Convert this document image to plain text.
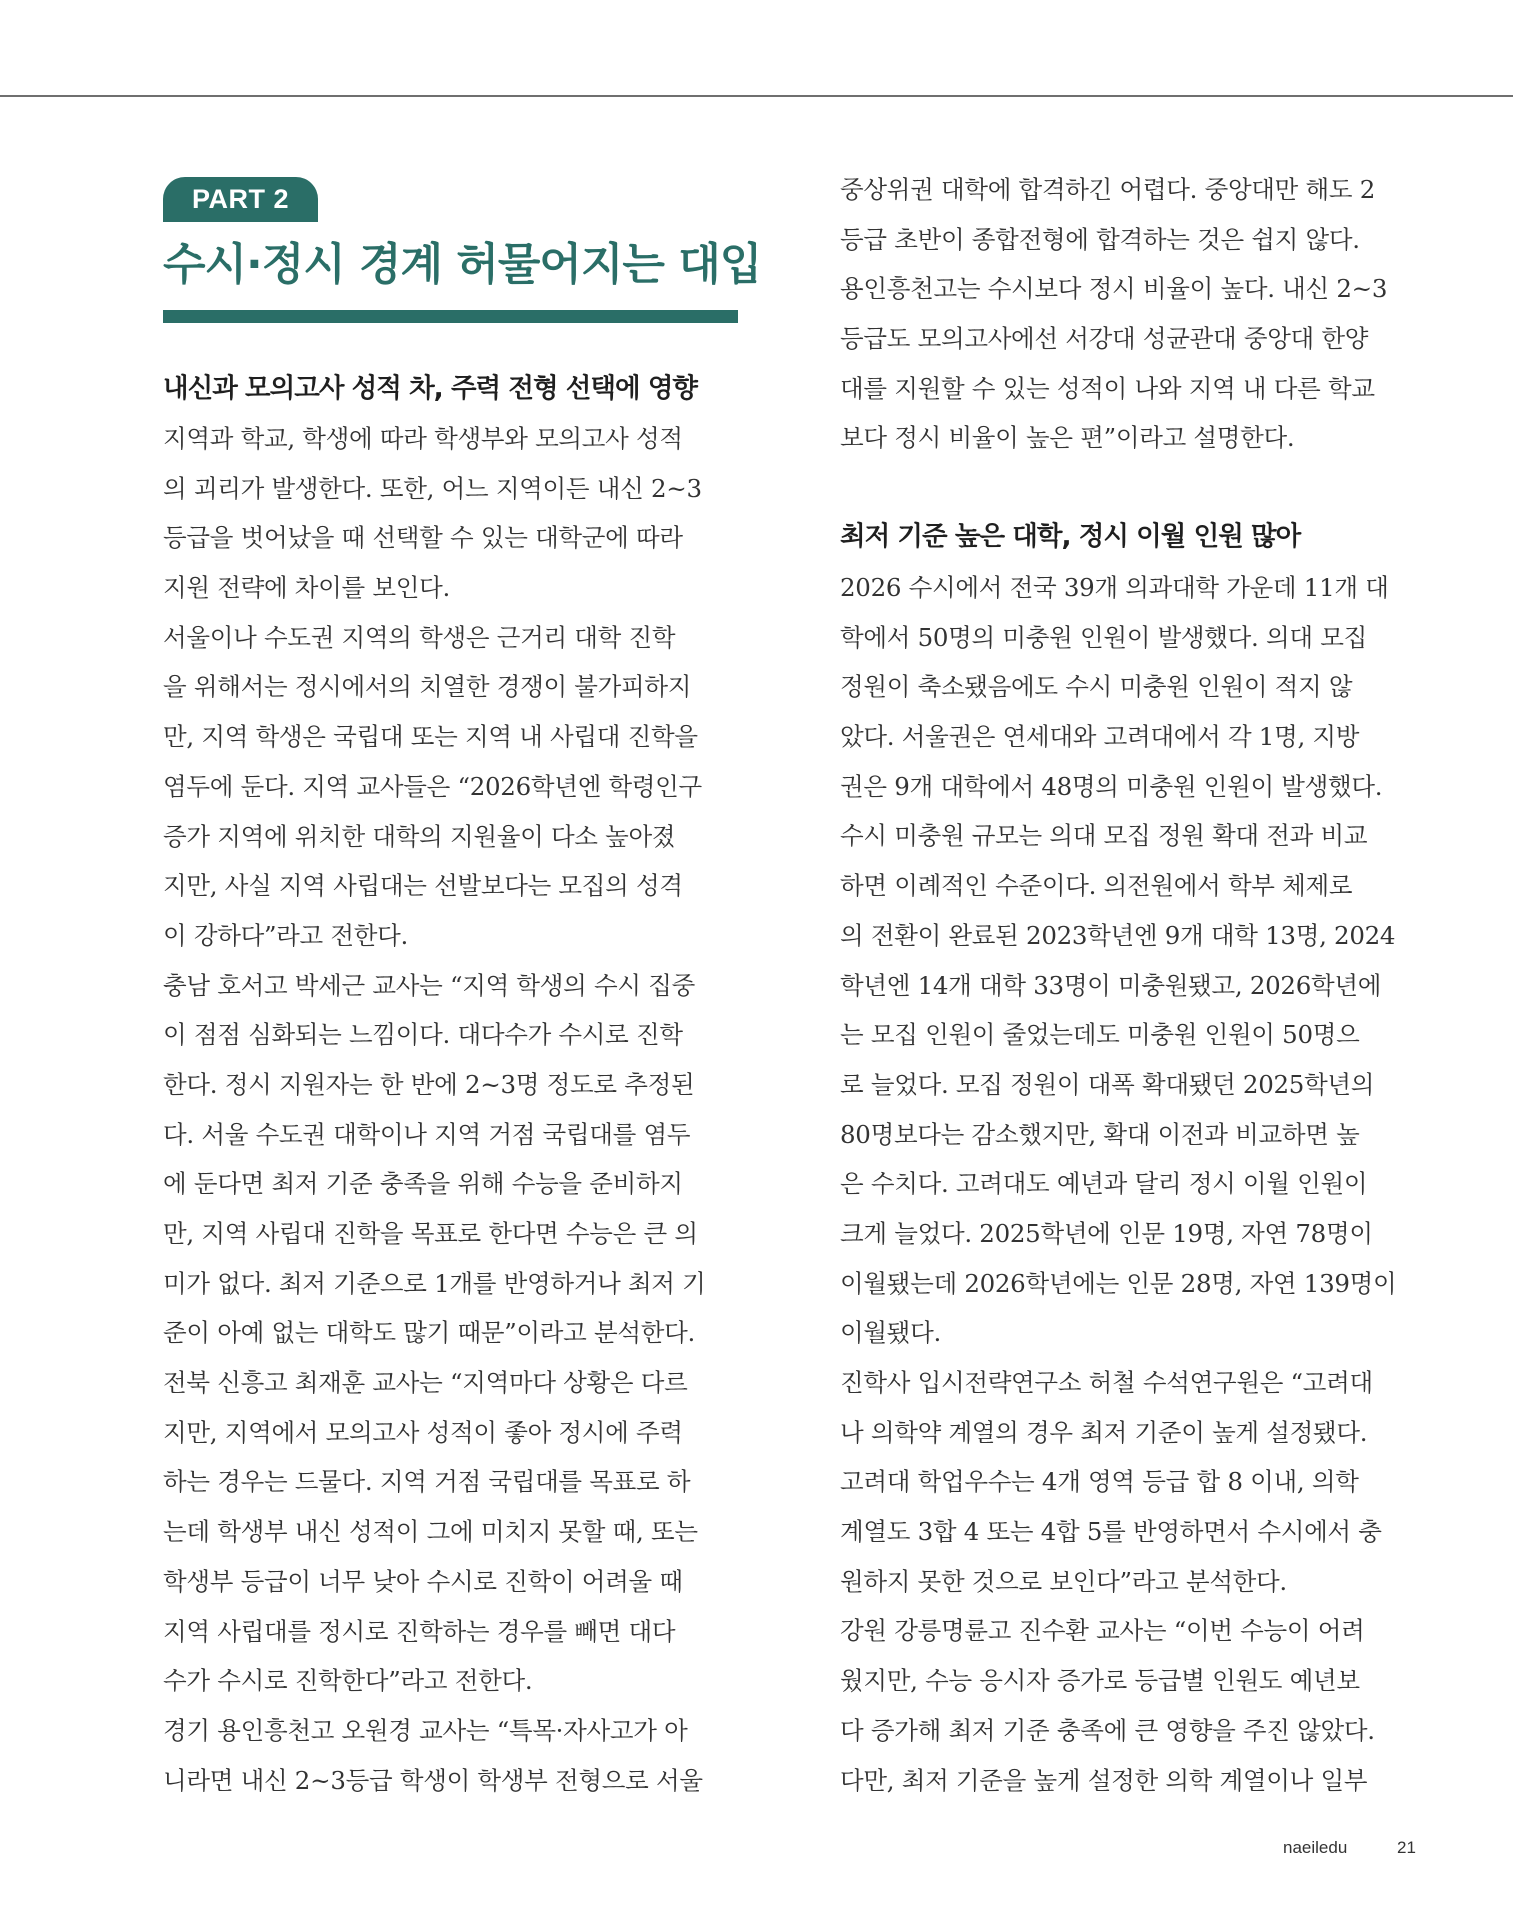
PART 2
수시·정시 경계 허물어지는 대입
내신과 모의고사 성적 차, 주력 전형 선택에 영향
지역과 학교, 학생에 따라 학생부와 모의고사 성적
의 괴리가 발생한다. 또한, 어느 지역이든 내신 2~3
등급을 벗어났을 때 선택할 수 있는 대학군에 따라
지원 전략에 차이를 보인다.
서울이나 수도권 지역의 학생은 근거리 대학 진학
을 위해서는 정시에서의 치열한 경쟁이 불가피하지
만, 지역 학생은 국립대 또는 지역 내 사립대 진학을
염두에 둔다. 지역 교사들은 “2026학년엔 학령인구
증가 지역에 위치한 대학의 지원율이 다소 높아졌
지만, 사실 지역 사립대는 선발보다는 모집의 성격
이 강하다”라고 전한다.
충남 호서고 박세근 교사는 “지역 학생의 수시 집중
이 점점 심화되는 느낌이다. 대다수가 수시로 진학
한다. 정시 지원자는 한 반에 2~3명 정도로 추정된
다. 서울 수도권 대학이나 지역 거점 국립대를 염두
에 둔다면 최저 기준 충족을 위해 수능을 준비하지
만, 지역 사립대 진학을 목표로 한다면 수능은 큰 의
미가 없다. 최저 기준으로 1개를 반영하거나 최저 기
준이 아예 없는 대학도 많기 때문”이라고 분석한다.
전북 신흥고 최재훈 교사는 “지역마다 상황은 다르
지만, 지역에서 모의고사 성적이 좋아 정시에 주력
하는 경우는 드물다. 지역 거점 국립대를 목표로 하
는데 학생부 내신 성적이 그에 미치지 못할 때, 또는
학생부 등급이 너무 낮아 수시로 진학이 어려울 때
지역 사립대를 정시로 진학하는 경우를 빼면 대다
수가 수시로 진학한다”라고 전한다.
경기 용인흥천고 오원경 교사는 “특목·자사고가 아
니라면 내신 2~3등급 학생이 학생부 전형으로 서울
중상위권 대학에 합격하긴 어렵다. 중앙대만 해도 2
등급 초반이 종합전형에 합격하는 것은 쉽지 않다.
용인흥천고는 수시보다 정시 비율이 높다. 내신 2~3
등급도 모의고사에선 서강대 성균관대 중앙대 한양
대를 지원할 수 있는 성적이 나와 지역 내 다른 학교
보다 정시 비율이 높은 편”이라고 설명한다.
최저 기준 높은 대학, 정시 이월 인원 많아
2026 수시에서 전국 39개 의과대학 가운데 11개 대
학에서 50명의 미충원 인원이 발생했다. 의대 모집
정원이 축소됐음에도 수시 미충원 인원이 적지 않
았다. 서울권은 연세대와 고려대에서 각 1명, 지방
권은 9개 대학에서 48명의 미충원 인원이 발생했다.
수시 미충원 규모는 의대 모집 정원 확대 전과 비교
하면 이례적인 수준이다. 의전원에서 학부 체제로
의 전환이 완료된 2023학년엔 9개 대학 13명, 2024
학년엔 14개 대학 33명이 미충원됐고, 2026학년에
는 모집 인원이 줄었는데도 미충원 인원이 50명으
로 늘었다. 모집 정원이 대폭 확대됐던 2025학년의
80명보다는 감소했지만, 확대 이전과 비교하면 높
은 수치다. 고려대도 예년과 달리 정시 이월 인원이
크게 늘었다. 2025학년에 인문 19명, 자연 78명이
이월됐는데 2026학년에는 인문 28명, 자연 139명이
이월됐다.
진학사 입시전략연구소 허철 수석연구원은 “고려대
나 의학약 계열의 경우 최저 기준이 높게 설정됐다.
고려대 학업우수는 4개 영역 등급 합 8 이내, 의학
계열도 3합 4 또는 4합 5를 반영하면서 수시에서 충
원하지 못한 것으로 보인다”라고 분석한다.
강원 강릉명륜고 진수환 교사는 “이번 수능이 어려
웠지만, 수능 응시자 증가로 등급별 인원도 예년보
다 증가해 최저 기준 충족에 큰 영향을 주진 않았다.
다만, 최저 기준을 높게 설정한 의학 계열이나 일부
naeiledu	21
